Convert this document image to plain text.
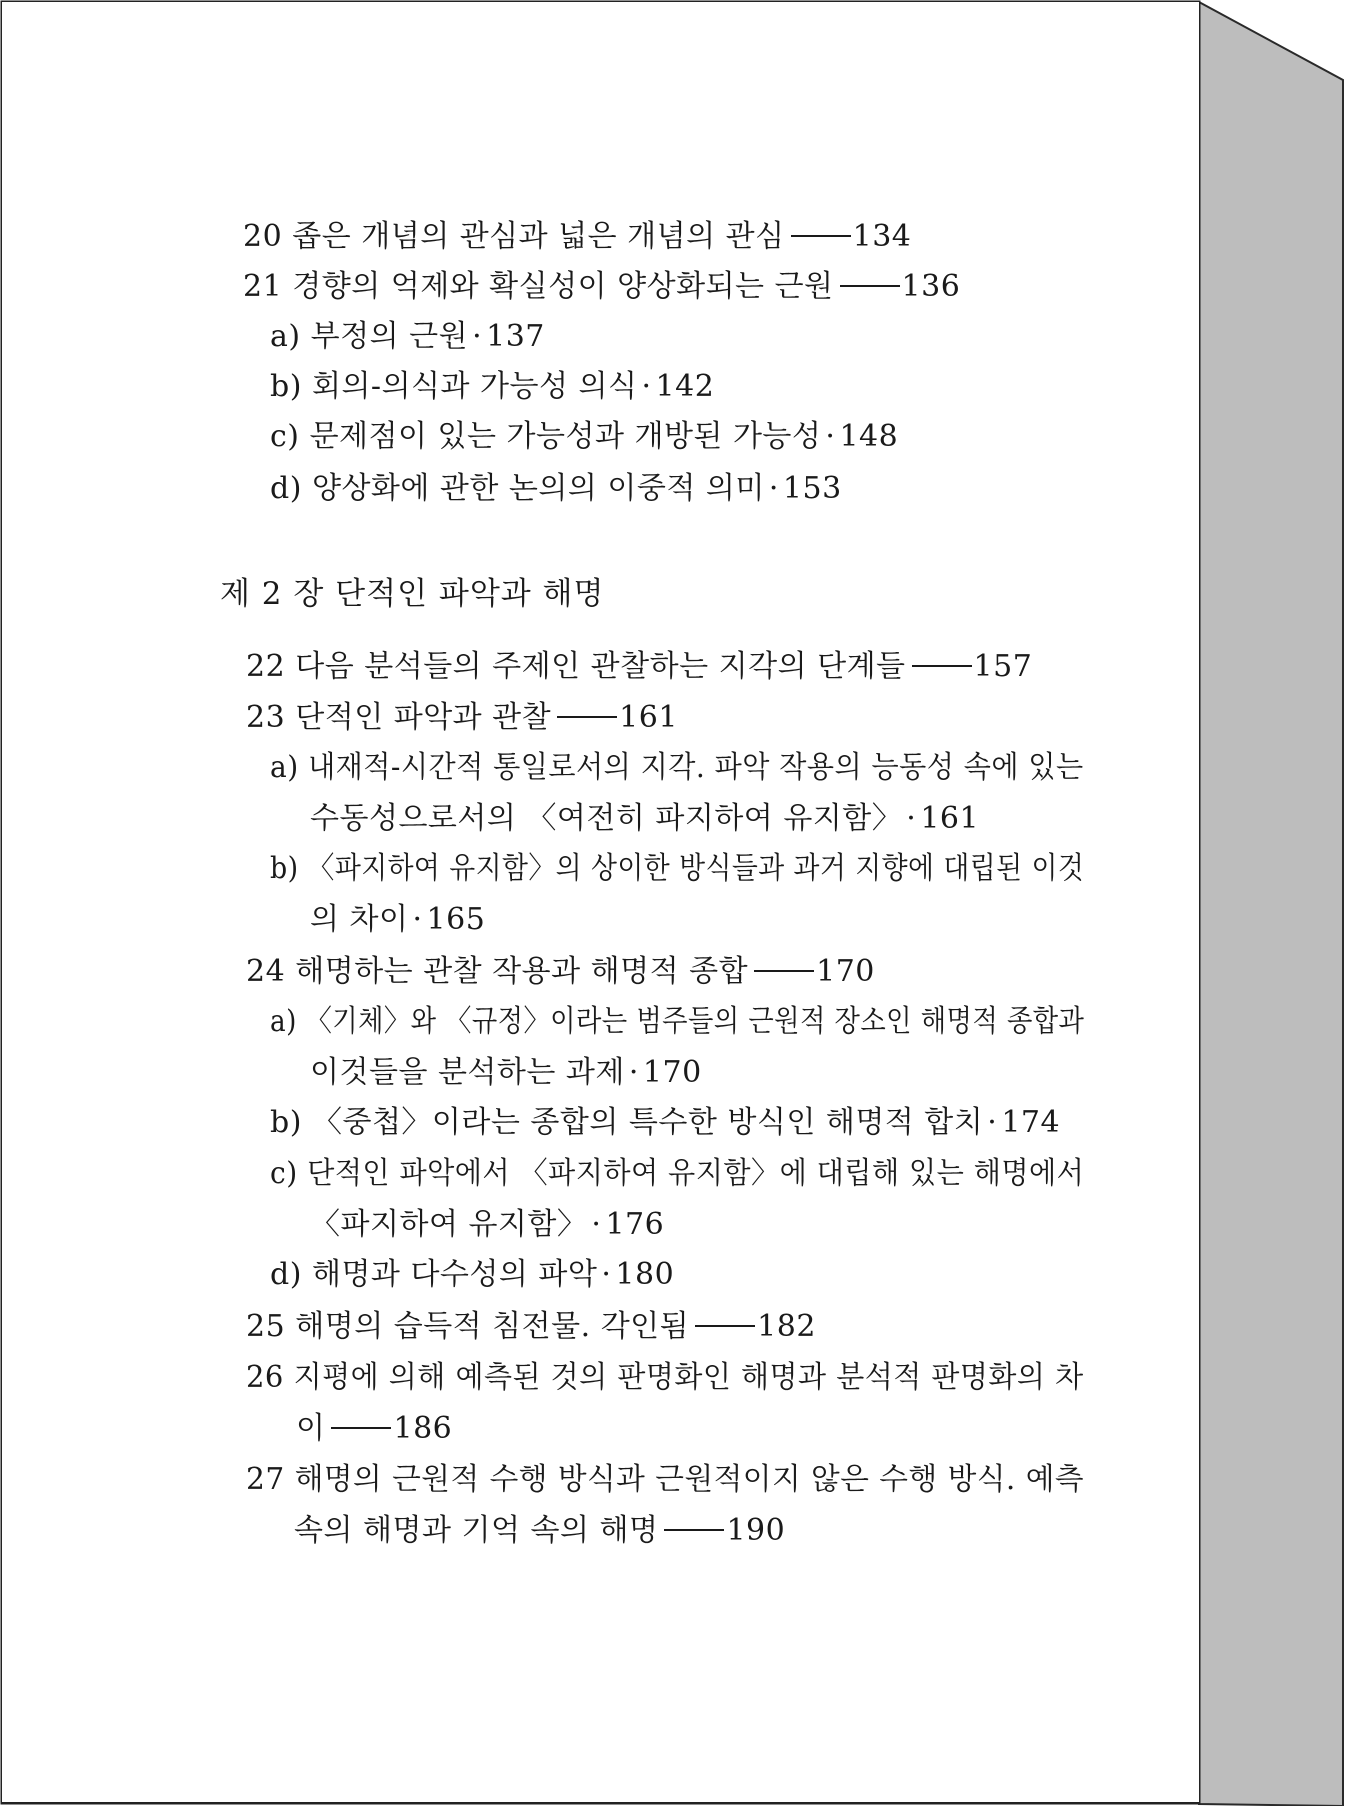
20 좁은 개념의 관심과 넓은 개념의 관심 134
21 경향의 억제와 확실성이 양상화되는 근원 136
a) 부정의 근원 · 137
b) 회의-의식과 가능성 의식 · 142
c) 문제점이 있는 가능성과 개방된 가능성 · 148
d) 양상화에 관한 논의의 이중적 의미 · 153
제 2 장 단적인 파악과 해명
22 다음 분석들의 주제인 관찰하는 지각의 단계들 157
23 단적인 파악과 관찰 161
a) 내재적-시간적 통일로서의 지각. 파악 작용의 능동성 속에 있는
수동성으로서의 〈여전히 파지하여 유지함〉 · 161
b) 〈파지하여 유지함〉의 상이한 방식들과 과거 지향에 대립된 이것
의 차이 · 165
24 해명하는 관찰 작용과 해명적 종합 170
a) 〈기체〉와 〈규정〉이라는 범주들의 근원적 장소인 해명적 종합과
이것들을 분석하는 과제 · 170
b) 〈중첩〉이라는 종합의 특수한 방식인 해명적 합치 · 174
c) 단적인 파악에서 〈파지하여 유지함〉에 대립해 있는 해명에서
〈파지하여 유지함〉 · 176
d) 해명과 다수성의 파악 · 180
25 해명의 습득적 침전물. 각인됨 182
26 지평에 의해 예측된 것의 판명화인 해명과 분석적 판명화의 차
이 186
27 해명의 근원적 수행 방식과 근원적이지 않은 수행 방식. 예측
속의 해명과 기억 속의 해명 190
